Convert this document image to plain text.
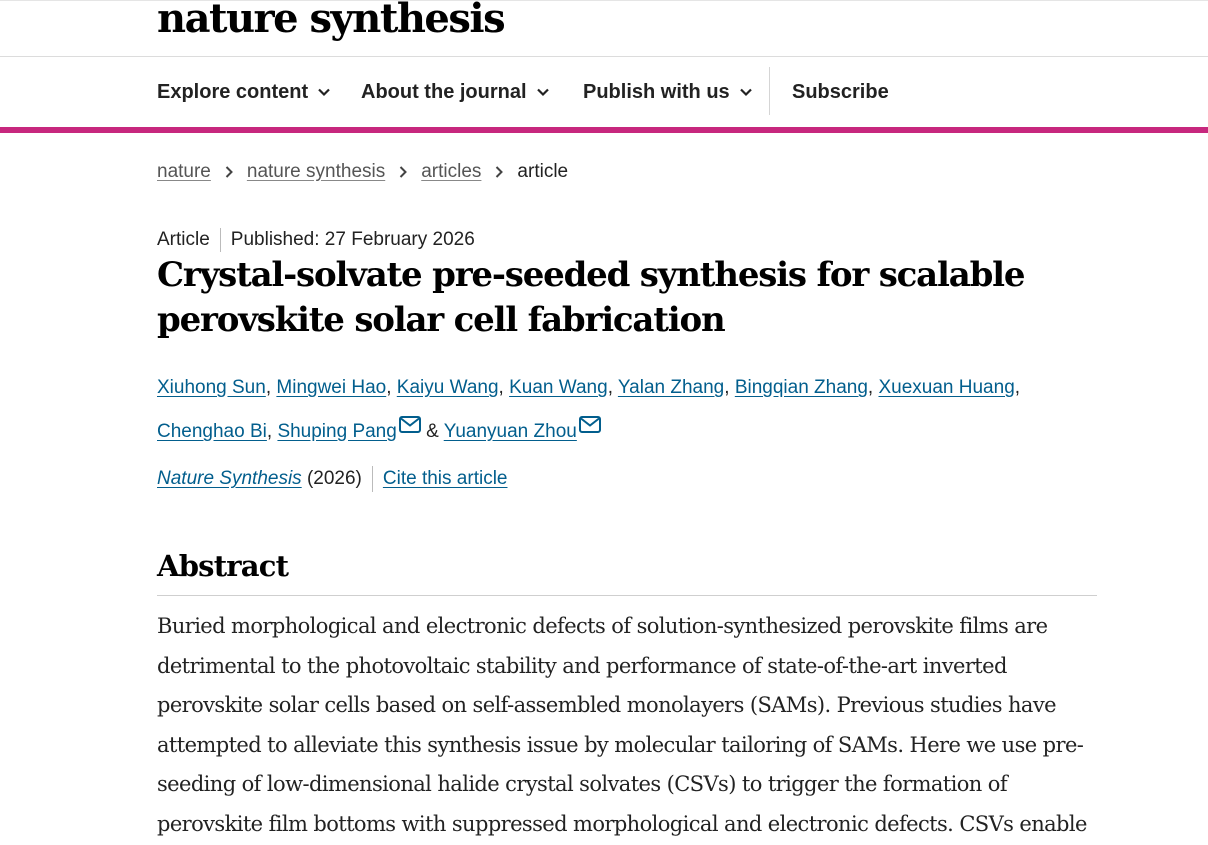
nature synthesis
Explore content	About the journal	Publish with us	Subscribe
nature nature synthesis articles article
Article Published: 27 February 2026
Crystal-solvate pre-seeded synthesis for scalable perovskite solar cell fabrication
Xiuhong Sun, Mingwei Hao, Kaiyu Wang, Kuan Wang, Yalan Zhang, Bingqian Zhang, Xuexuan Huang,
Chenghao Bi, Shuping Pang & Yuanyuan Zhou
Nature Synthesis (2026) Cite this article
Abstract

Buried morphological and electronic defects of solution-synthesized perovskite films are detrimental to the photovoltaic stability and performance of state-of-the-art inverted perovskite solar cells based on self-assembled monolayers (SAMs). Previous studies have attempted to alleviate this synthesis issue by molecular tailoring of SAMs. Here we use pre-seeding of low-dimensional halide crystal solvates (CSVs) to trigger the formation of perovskite film bottoms with suppressed morphological and electronic defects. CSVs enable
